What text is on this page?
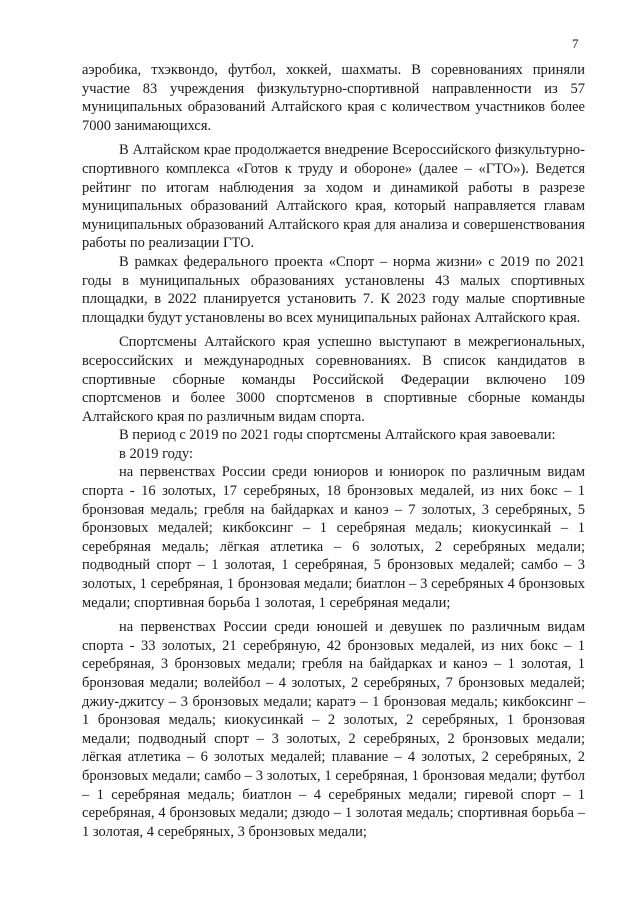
7

аэробика, тхэквондо, футбол, хоккей, шахматы. В соревнованиях приняли участие 83 учреждения физкультурно-спортивной направленности из 57 муниципальных образований Алтайского края с количеством участников более 7000 занимающихся.

В Алтайском крае продолжается внедрение Всероссийского физкультурно-спортивного комплекса «Готов к труду и обороне» (далее – «ГТО»). Ведется рейтинг по итогам наблюдения за ходом и динамикой работы в разрезе муниципальных образований Алтайского края, который направляется главам муниципальных образований Алтайского края для анализа и совершенствования работы по реализации ГТО.

В рамках федерального проекта «Спорт – норма жизни» с 2019 по 2021 годы в муниципальных образованиях установлены 43 малых спортивных площадки, в 2022 планируется установить 7. К 2023 году малые спортивные площадки будут установлены во всех муниципальных районах Алтайского края.

Спортсмены Алтайского края успешно выступают в межрегиональных, всероссийских и международных соревнованиях. В список кандидатов в спортивные сборные команды Российской Федерации включено 109 спортсменов и более 3000 спортсменов в спортивные сборные команды Алтайского края по различным видам спорта.

В период с 2019 по 2021 годы спортсмены Алтайского края завоевали:

в 2019 году:

на первенствах России среди юниоров и юниорок по различным видам спорта - 16 золотых, 17 серебряных, 18 бронзовых медалей, из них бокс – 1 бронзовая медаль; гребля на байдарках и каноэ – 7 золотых, 3 серебряных, 5 бронзовых медалей; кикбоксинг – 1 серебряная медаль; киокусинкай – 1 серебряная медаль; лёгкая атлетика – 6 золотых, 2 серебряных медали; подводный спорт – 1 золотая, 1 серебряная, 5 бронзовых медалей; самбо – 3 золотых, 1 серебряная, 1 бронзовая медали; биатлон – 3 серебряных 4 бронзовых медали; спортивная борьба 1 золотая, 1 серебряная медали;

на первенствах России среди юношей и девушек по различным видам спорта - 33 золотых, 21 серебряную, 42 бронзовых медалей, из них бокс – 1 серебряная, 3 бронзовых медали; гребля на байдарках и каноэ – 1 золотая, 1 бронзовая медали; волейбол – 4 золотых, 2 серебряных, 7 бронзовых медалей; джиу-джитсу – 3 бронзовых медали; каратэ – 1 бронзовая медаль; кикбоксинг – 1 бронзовая медаль; киокусинкай – 2 золотых, 2 серебряных, 1 бронзовая медали; подводный спорт – 3 золотых, 2 серебряных, 2 бронзовых медали; лёгкая атлетика – 6 золотых медалей; плавание – 4 золотых, 2 серебряных, 2 бронзовых медали; самбо – 3 золотых, 1 серебряная, 1 бронзовая медали; футбол – 1 серебряная медаль; биатлон – 4 серебряных медали; гиревой спорт – 1 серебряная, 4 бронзовых медали; дзюдо – 1 золотая медаль; спортивная борьба – 1 золотая, 4 серебряных, 3 бронзовых медали;
